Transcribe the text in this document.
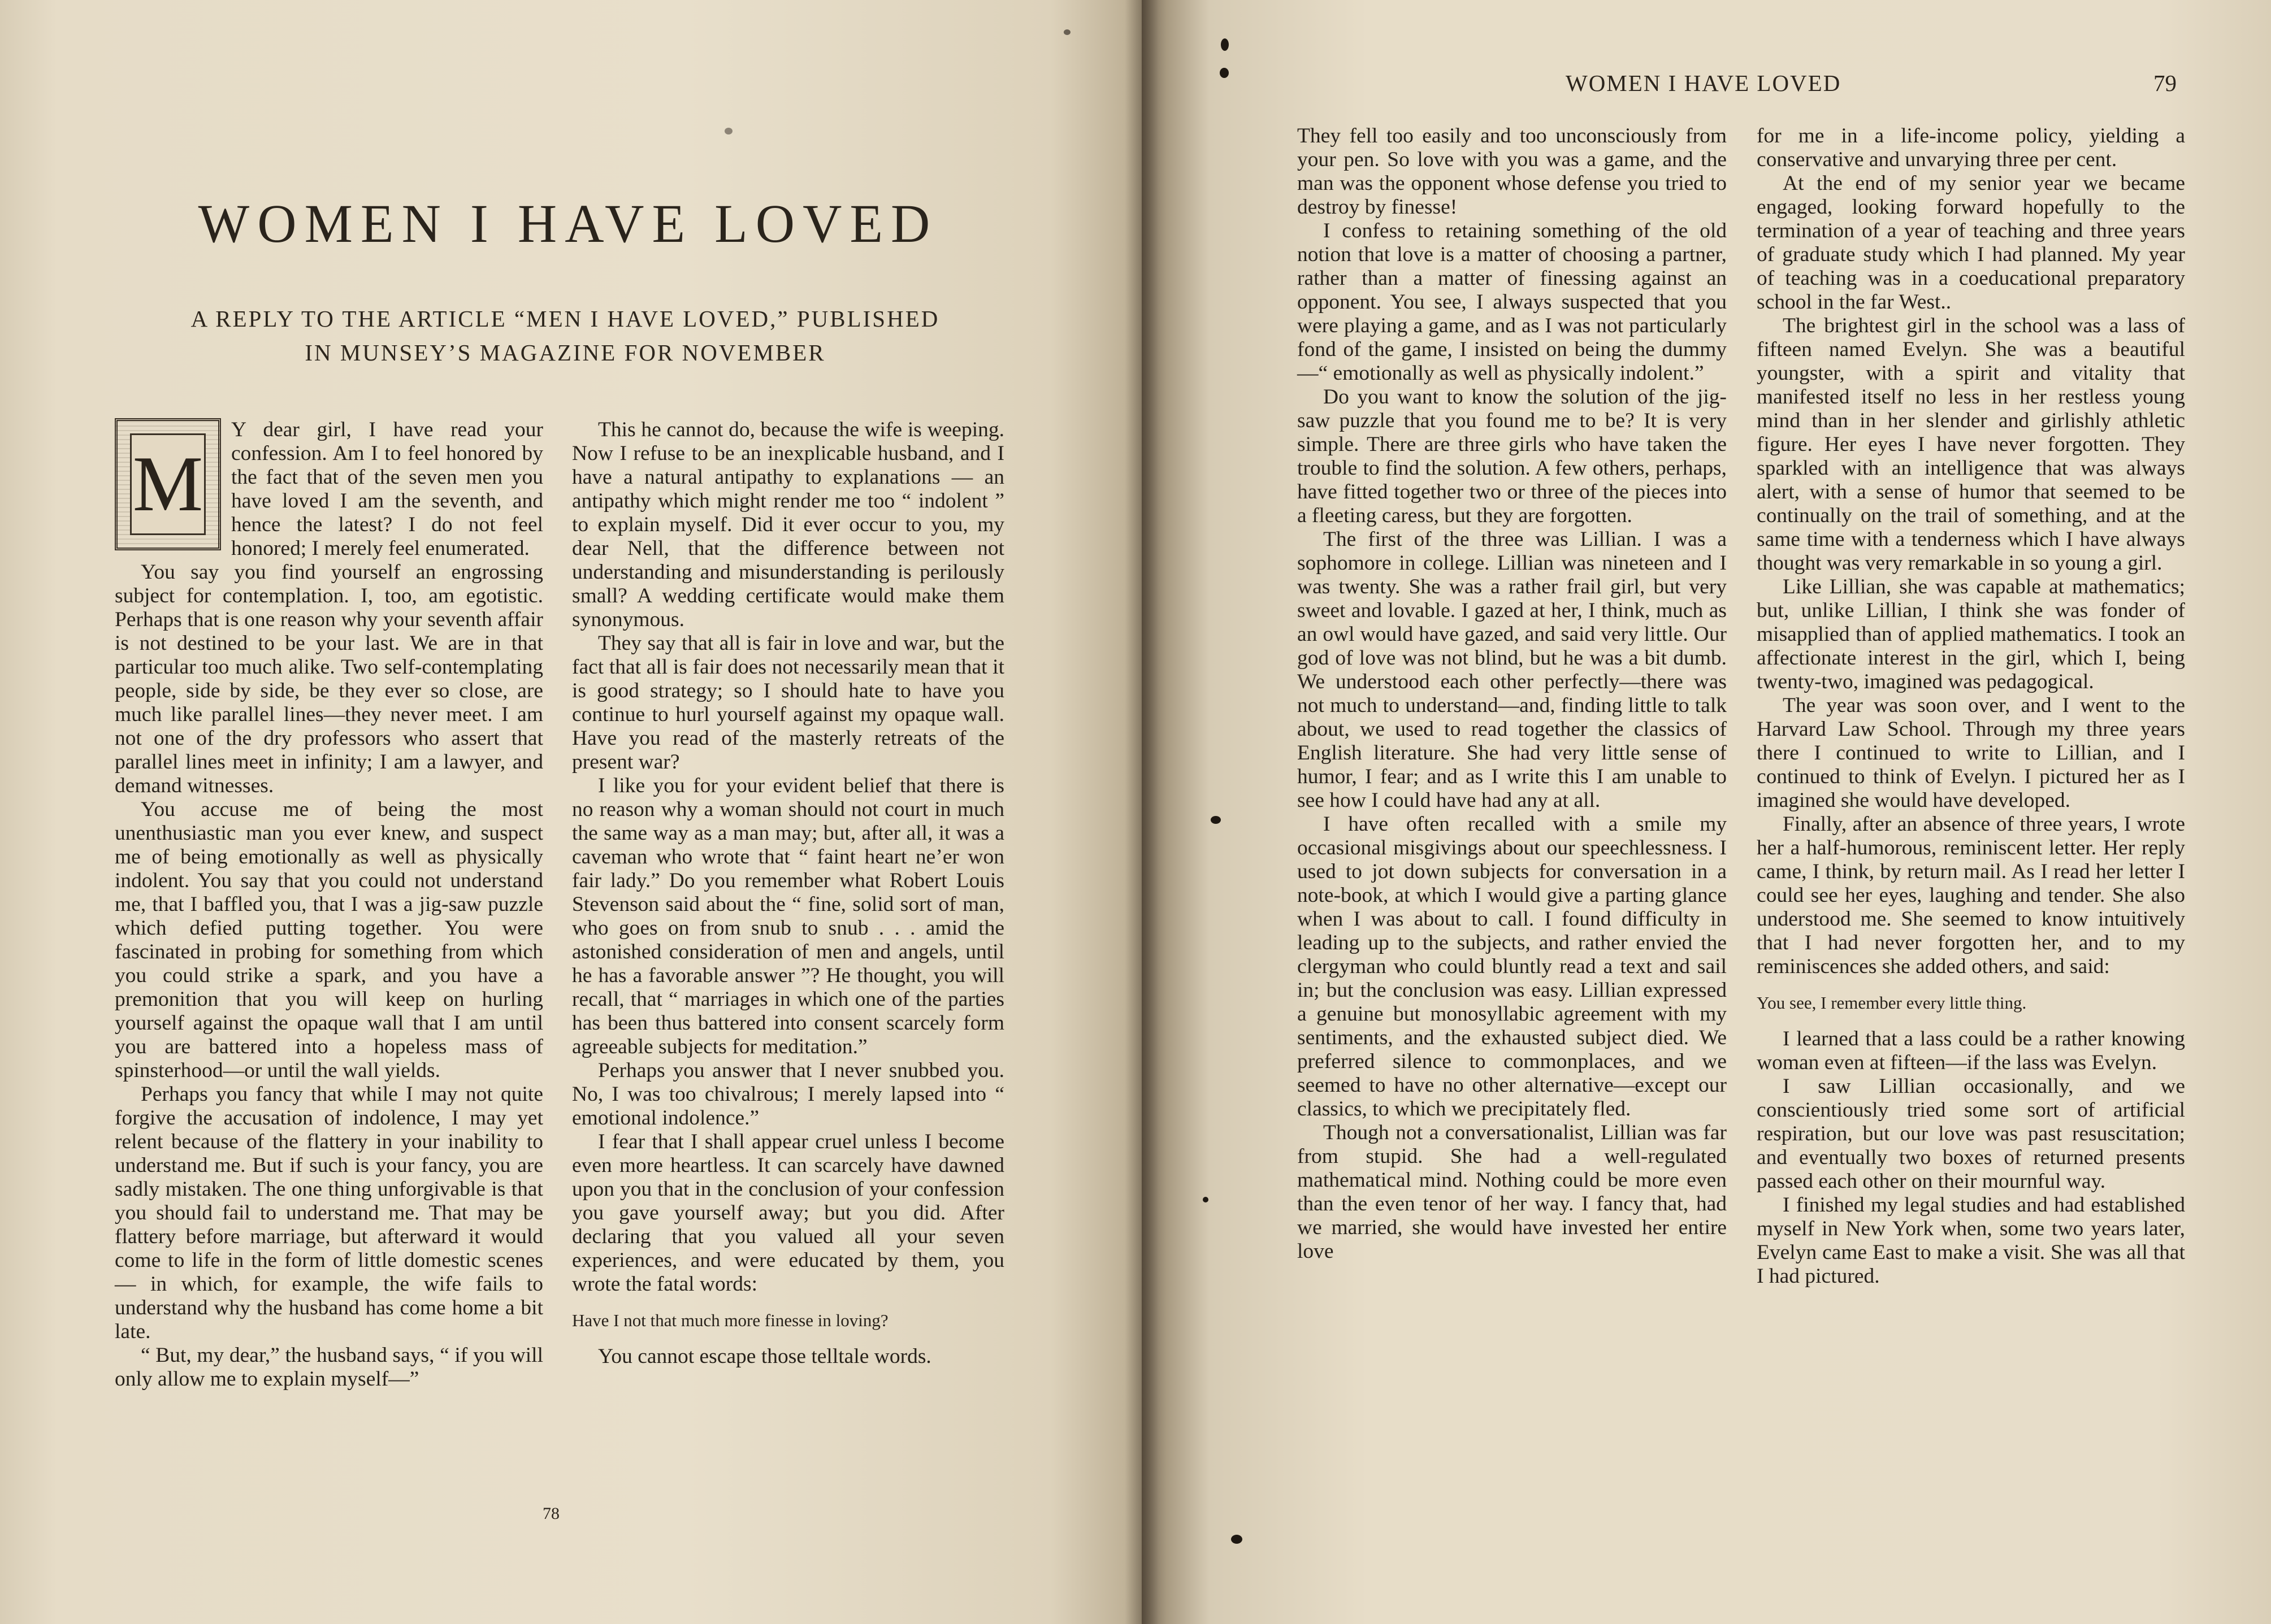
WOMEN I HAVE LOVED
A REPLY TO THE ARTICLE “MEN I HAVE LOVED,” PUBLISHED
IN MUNSEY’S MAGAZINE FOR NOVEMBER
M

Y dear girl, I have read your confession. Am I to feel honored by the fact that of the seven men you have loved I am the seventh, and hence the latest? I do not feel honored; I merely feel enumerated.

You say you find yourself an engrossing subject for contemplation. I, too, am egotistic. Perhaps that is one reason why your seventh affair is not destined to be your last. We are in that particular too much alike. Two self-contemplating people, side by side, be they ever so close, are much like parallel lines—they never meet. I am not one of the dry professors who assert that parallel lines meet in infinity; I am a lawyer, and demand witnesses.

You accuse me of being the most unenthusiastic man you ever knew, and suspect me of being emotionally as well as physically indolent. You say that you could not understand me, that I baffled you, that I was a jig-saw puzzle which defied putting together. You were fascinated in probing for something from which you could strike a spark, and you have a premonition that you will keep on hurling yourself against the opaque wall that I am until you are battered into a hopeless mass of spinsterhood—or until the wall yields.

Perhaps you fancy that while I may not quite forgive the accusation of indolence, I may yet relent because of the flattery in your inability to understand me. But if such is your fancy, you are sadly mistaken. The one thing unforgivable is that you should fail to understand me. That may be flattery before marriage, but afterward it would come to life in the form of little domestic scenes — in which, for example, the wife fails to understand why the husband has come home a bit late.

“ But, my dear,” the husband says, “ if you will only allow me to explain myself—”

This he cannot do, because the wife is weeping. Now I refuse to be an inexplicable husband, and I have a natural antipathy to explanations — an antipathy which might render me too “ indolent ” to explain myself. Did it ever occur to you, my dear Nell, that the difference between not understanding and misunderstanding is perilously small? A wedding certificate would make them synonymous.

They say that all is fair in love and war, but the fact that all is fair does not necessarily mean that it is good strategy; so I should hate to have you continue to hurl yourself against my opaque wall. Have you read of the masterly retreats of the present war?

I like you for your evident belief that there is no reason why a woman should not court in much the same way as a man may; but, after all, it was a caveman who wrote that “ faint heart ne’er won fair lady.” Do you remember what Robert Louis Stevenson said about the “ fine, solid sort of man, who goes on from snub to snub . . . amid the astonished consideration of men and angels, until he has a favorable answer ”? He thought, you will recall, that “ marriages in which one of the parties has been thus battered into consent scarcely form agreeable subjects for meditation.”

Perhaps you answer that I never snubbed you. No, I was too chivalrous; I merely lapsed into “ emotional indolence.”

I fear that I shall appear cruel unless I become even more heartless. It can scarcely have dawned upon you that in the conclusion of your confession you gave yourself away; but you did. After declaring that you valued all your seven experiences, and were educated by them, you wrote the fatal words:

Have I not that much more finesse in loving?

You cannot escape those telltale words.

78
WOMEN I HAVE LOVED	79

They fell too easily and too unconsciously from your pen. So love with you was a game, and the man was the opponent whose defense you tried to destroy by finesse!

I confess to retaining something of the old notion that love is a matter of choosing a partner, rather than a matter of finessing against an opponent. You see, I always suspected that you were playing a game, and as I was not particularly fond of the game, I insisted on being the dummy—“ emotionally as well as physically indolent.”

Do you want to know the solution of the jig-saw puzzle that you found me to be? It is very simple. There are three girls who have taken the trouble to find the solution. A few others, perhaps, have fitted together two or three of the pieces into a fleeting caress, but they are forgotten.

The first of the three was Lillian. I was a sophomore in college. Lillian was nineteen and I was twenty. She was a rather frail girl, but very sweet and lovable. I gazed at her, I think, much as an owl would have gazed, and said very little. Our god of love was not blind, but he was a bit dumb. We understood each other perfectly—there was not much to understand—and, finding little to talk about, we used to read together the classics of English literature. She had very little sense of humor, I fear; and as I write this I am unable to see how I could have had any at all.

I have often recalled with a smile my occasional misgivings about our speechlessness. I used to jot down subjects for conversation in a note-book, at which I would give a parting glance when I was about to call. I found difficulty in leading up to the subjects, and rather envied the clergyman who could bluntly read a text and sail in; but the conclusion was easy. Lillian expressed a genuine but monosyllabic agreement with my sentiments, and the exhausted subject died. We preferred silence to commonplaces, and we seemed to have no other alternative—except our classics, to which we precipitately fled.

Though not a conversationalist, Lillian was far from stupid. She had a well-regulated mathematical mind. Nothing could be more even than the even tenor of her way. I fancy that, had we married, she would have invested her entire love

for me in a life-income policy, yielding a conservative and unvarying three per cent.

At the end of my senior year we became engaged, looking forward hopefully to the termination of a year of teaching and three years of graduate study which I had planned. My year of teaching was in a coeducational preparatory school in the far West..

The brightest girl in the school was a lass of fifteen named Evelyn. She was a beautiful youngster, with a spirit and vitality that manifested itself no less in her restless young mind than in her slender and girlishly athletic figure. Her eyes I have never forgotten. They sparkled with an intelligence that was always alert, with a sense of humor that seemed to be continually on the trail of something, and at the same time with a tenderness which I have always thought was very remarkable in so young a girl.

Like Lillian, she was capable at mathematics; but, unlike Lillian, I think she was fonder of misapplied than of applied mathematics. I took an affectionate interest in the girl, which I, being twenty-two, imagined was pedagogical.

The year was soon over, and I went to the Harvard Law School. Through my three years there I continued to write to Lillian, and I continued to think of Evelyn. I pictured her as I imagined she would have developed.

Finally, after an absence of three years, I wrote her a half-humorous, reminiscent letter. Her reply came, I think, by return mail. As I read her letter I could see her eyes, laughing and tender. She also understood me. She seemed to know intuitively that I had never forgotten her, and to my reminiscences she added others, and said:

You see, I remember every little thing.

I learned that a lass could be a rather knowing woman even at fifteen—if the lass was Evelyn.

I saw Lillian occasionally, and we conscientiously tried some sort of artificial respiration, but our love was past resuscitation; and eventually two boxes of returned presents passed each other on their mournful way.

I finished my legal studies and had established myself in New York when, some two years later, Evelyn came East to make a visit. She was all that I had pictured.
